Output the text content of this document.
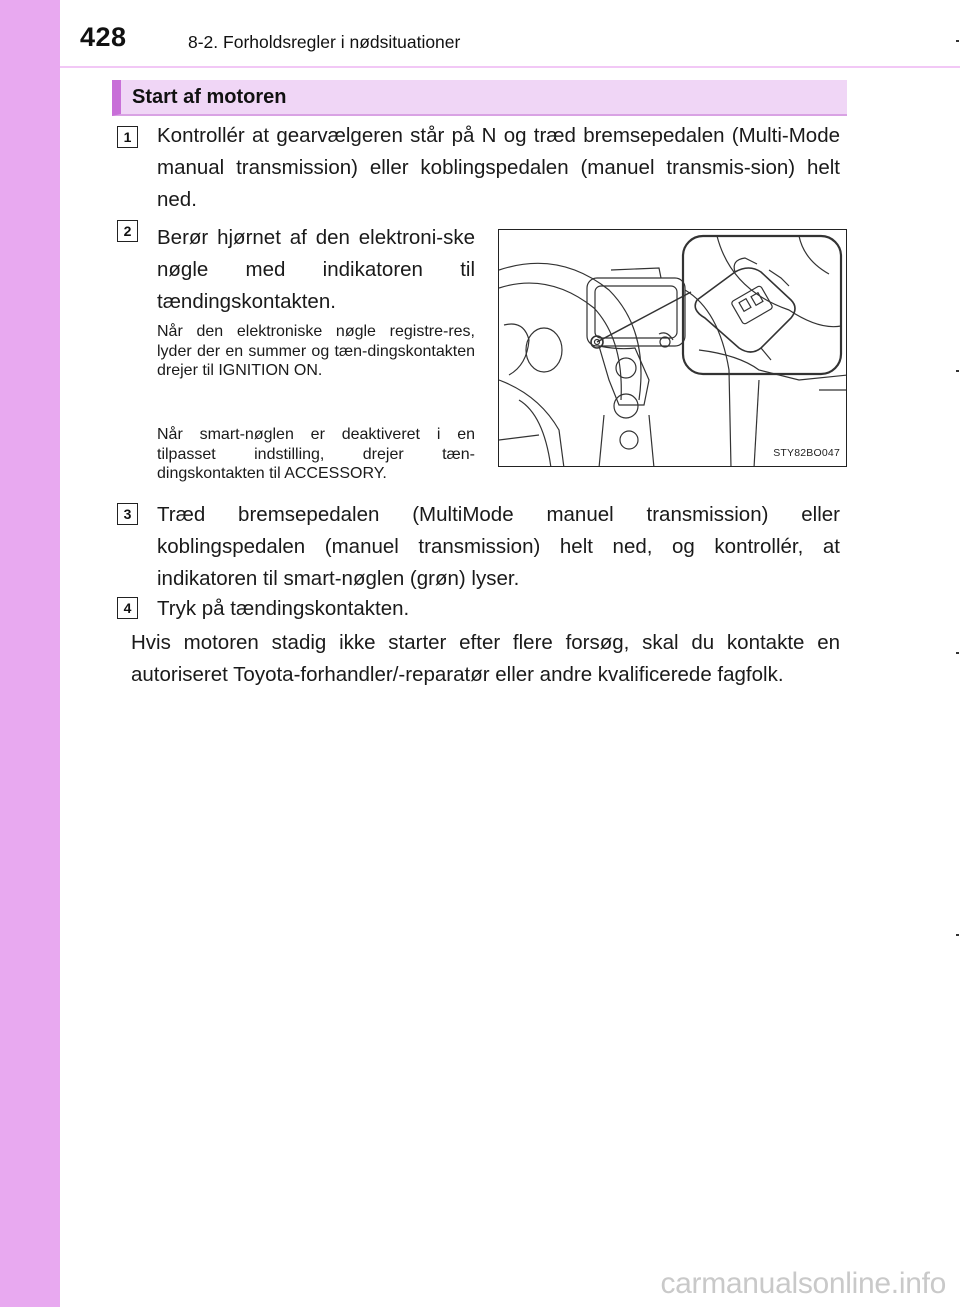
428	8-2. Forholdsregler i nødsituationer
Start af motoren
1	Kontrollér at gearvælgeren står på N og træd bremsepedalen (Multi-Mode manual transmission) eller koblingspedalen (manuel transmis-sion) helt ned.
2	Berør hjørnet af den elektroni-ske nøgle med indikatoren til tændingskontakten.
Når den elektroniske nøgle registre-res, lyder der en summer og tæn-dingskontakten drejer til IGNITION ON.
Når smart-nøglen er deaktiveret i en tilpasset indstilling, drejer tæn-dingskontakten til ACCESSORY.
STY82BO047
3	Træd bremsepedalen (MultiMode manuel transmission) eller koblingspedalen (manuel transmission) helt ned, og kontrollér, at indikatoren til smart-nøglen (grøn) lyser.
4	Tryk på tændingskontakten.
Hvis motoren stadig ikke starter efter flere forsøg, skal du kontakte en autoriseret Toyota-forhandler/-reparatør eller andre kvalificerede fagfolk.
carmanualsonline.info
